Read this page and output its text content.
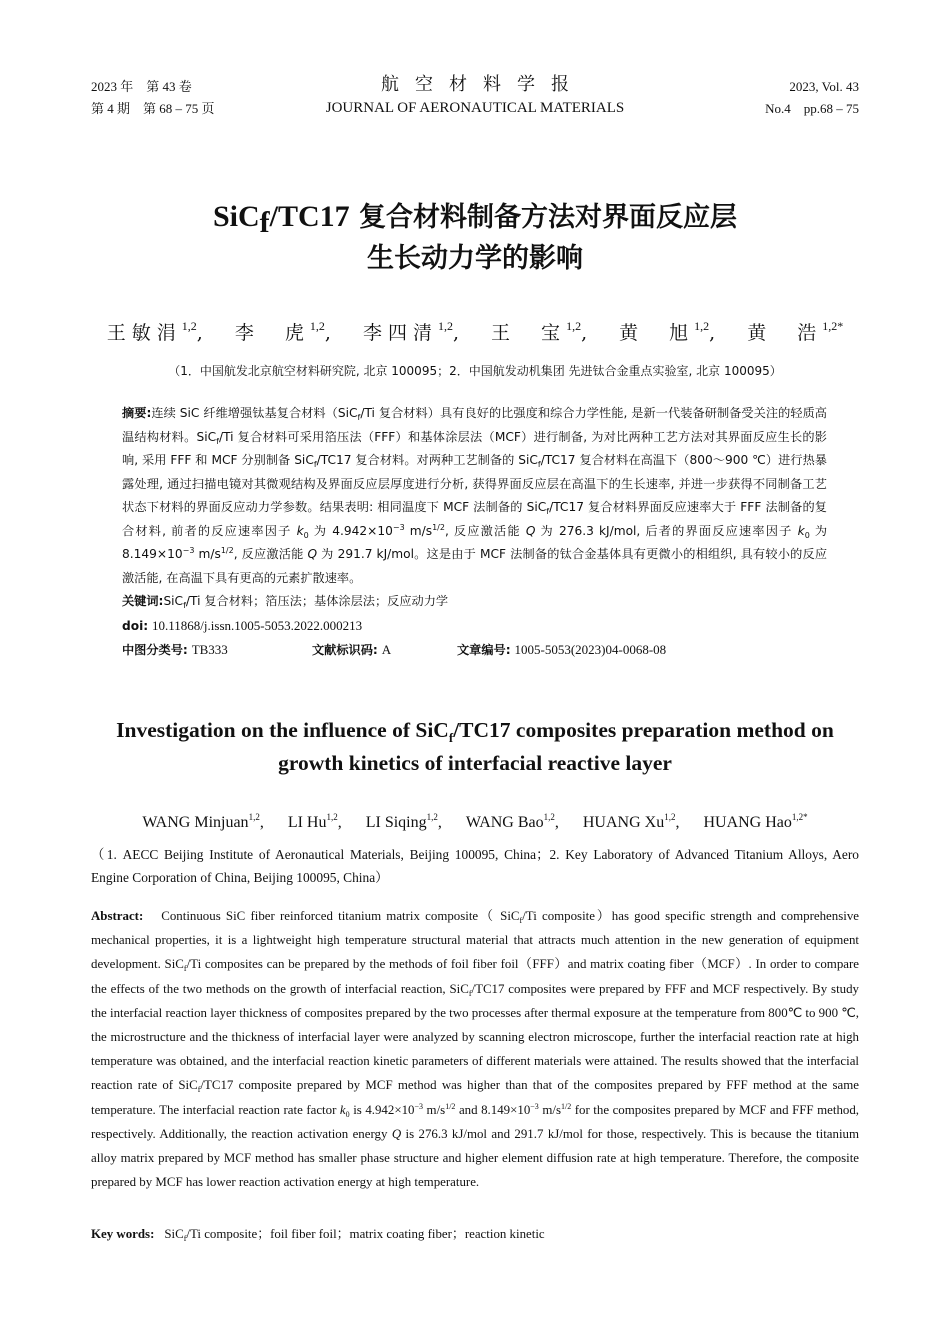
2023 年　第 43 卷
第 4 期　第 68 – 75 页
航空材料学报
JOURNAL OF AERONAUTICAL MATERIALS
2023, Vol. 43
No.4　pp.68 – 75
SiC$_f$/TC17 复合材料制备方法对界面反应层
生长动力学的影响
王敏涓$^{1,2}$, 李　虎$^{1,2}$, 李四清$^{1,2}$, 王　宝$^{1,2}$, 黄　旭$^{1,2}$, 黄　浩$^{1,2*}$
（1．中国航发北京航空材料研究院, 北京 100095；2．中国航发动机集团 先进钛合金重点实验室, 北京 100095）
摘要:连续 SiC 纤维增强钛基复合材料（SiC$_f$/Ti 复合材料）具有良好的比强度和综合力学性能, 是新一代装备研制备受关注的轻质高温结构材料。SiC$_f$/Ti 复合材料可采用箔压法（FFF）和基体涂层法（MCF）进行制备, 为对比两种工艺方法对其界面反应生长的影响, 采用 FFF 和 MCF 分别制备 SiC$_f$/TC17 复合材料。对两种工艺制备的 SiC$_f$/TC17 复合材料在高温下（800～900 ℃）进行热暴露处理, 通过扫描电镜对其微观结构及界面反应层厚度进行分析, 获得界面反应层在高温下的生长速率, 并进一步获得不同制备工艺状态下材料的界面反应动力学参数。结果表明: 相同温度下 MCF 法制备的 SiC$_f$/TC17 复合材料界面反应速率大于 FFF 法制备的复合材料, 前者的反应速率因子 $k_0$ 为 $4.942\times 10^{-3}$ $m/s^{1/2}$, 反应激活能 Q 为 276.3 kJ/mol, 后者的界面反应速率因子 $k_0$ 为 $8.149\times 10^{-3}$ $m/s^{1/2}$, 反应激活能 Q 为 291.7 kJ/mol。这是由于 MCF 法制备的钛合金基体具有更微小的相组织, 具有较小的反应激活能, 在高温下具有更高的元素扩散速率。
关键词:SiC$_f$/Ti 复合材料；箔压法；基体涂层法；反应动力学
doi: 10.11868/j.issn.1005-5053.2022.000213
中图分类号: TB333	文献标识码: A	文章编号: 1005-5053(2023)04-0068-08
Investigation on the influence of SiC$_f$/TC17 composites preparation method on
growth kinetics of interfacial reactive layer
WANG Minjuan$^{1,2}$, LI Hu$^{1,2}$, LI Siqing$^{1,2}$, WANG Bao$^{1,2}$, HUANG Xu$^{1,2}$, HUANG Hao$^{1,2*}$
（1. AECC Beijing Institute of Aeronautical Materials, Beijing 100095, China；2. Key Laboratory of Advanced Titanium Alloys, Aero Engine Corporation of China, Beijing 100095, China）

Abstract: Continuous SiC fiber reinforced titanium matrix composite（ SiC$_f$/Ti composite）has good specific strength and comprehensive mechanical properties, it is a lightweight high temperature structural material that attracts much attention in the new generation of equipment development. SiC$_f$/Ti composites can be prepared by the methods of foil fiber foil（FFF）and matrix coating fiber（MCF）. In order to compare the effects of the two methods on the growth of interfacial reaction, SiC$_f$/TC17 composites were prepared by FFF and MCF respectively. By study the interfacial reaction layer thickness of composites prepared by the two processes after thermal exposure at the temperature from 800℃ to 900 ℃, the microstructure and the thickness of interfacial layer were analyzed by scanning electron microscope, further the interfacial reaction rate at high temperature was obtained, and the interfacial reaction kinetic parameters of different materials were attained. The results showed that the interfacial reaction rate of SiC$_f$/TC17 composite prepared by MCF method was higher than that of the composites prepared by FFF method at the same temperature. The interfacial reaction rate factor $k_0$ is $4.942\times 10^{-3}$ $m/s^{1/2}$ and $8.149\times 10^{-3}$ $m/s^{1/2}$ for the composites prepared by MCF and FFF method, respectively. Additionally, the reaction activation energy Q is 276.3 kJ/mol and 291.7 kJ/mol for those, respectively. This is because the titanium alloy matrix prepared by MCF method has smaller phase structure and higher element diffusion rate at high temperature. Therefore, the composite prepared by MCF has lower reaction activation energy at high temperature.

Key words: SiC$_f$/Ti composite；foil fiber foil；matrix coating fiber；reaction kinetic
